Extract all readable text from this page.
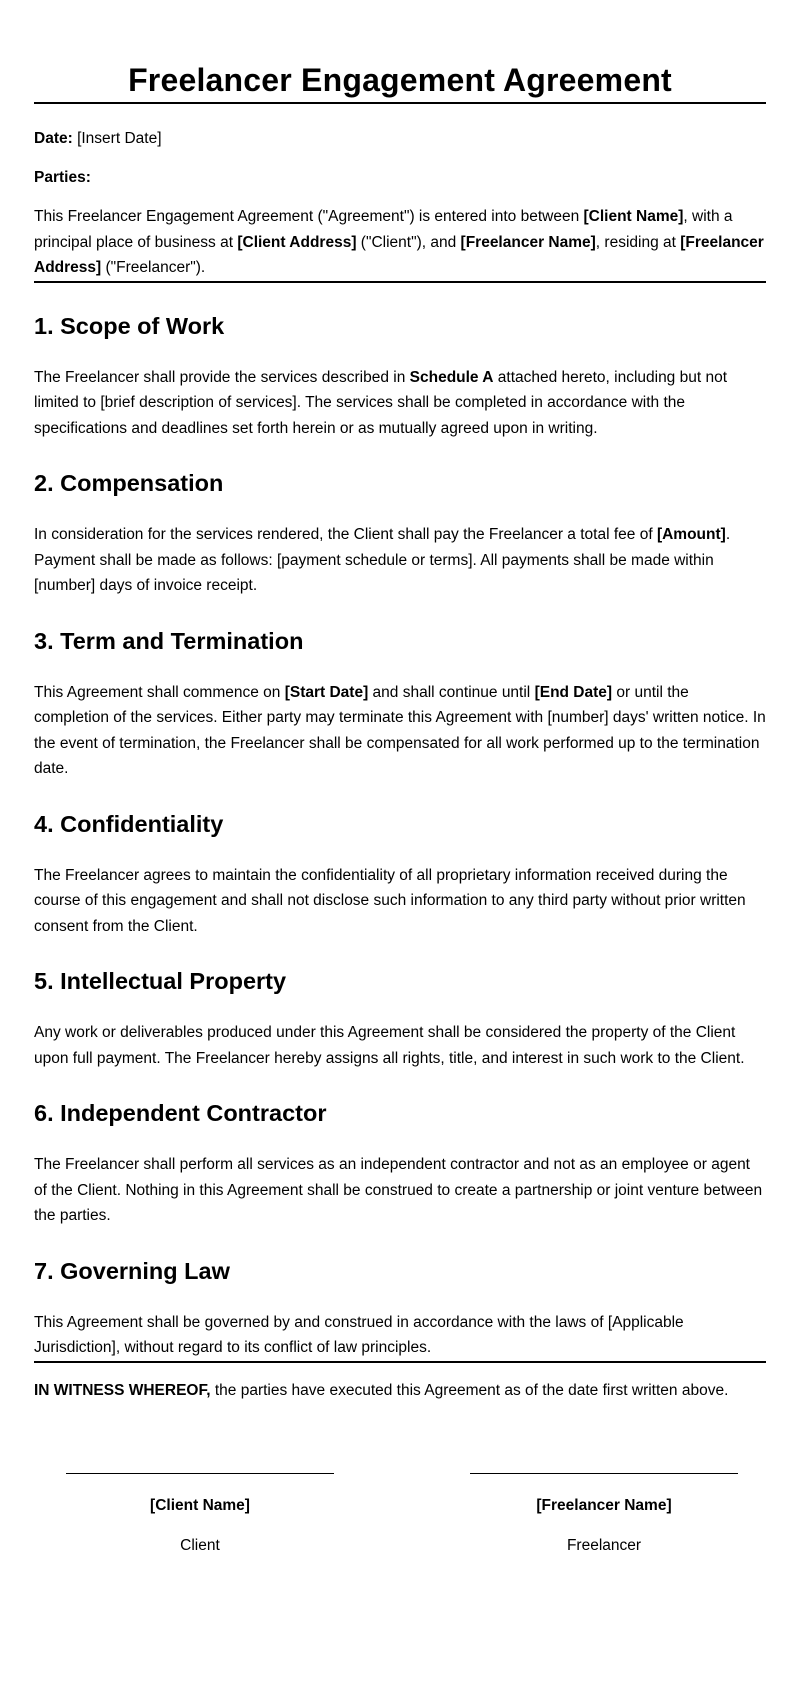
Freelancer Engagement Agreement

Date: [Insert Date]

Parties:

This Freelancer Engagement Agreement ("Agreement") is entered into between [Client Name], with a principal place of business at [Client Address] ("Client"), and [Freelancer Name], residing at [Freelancer Address] ("Freelancer").

1. Scope of Work

The Freelancer shall provide the services described in Schedule A attached hereto, including but not limited to [brief description of services]. The services shall be completed in accordance with the specifications and deadlines set forth herein or as mutually agreed upon in writing.

2. Compensation

In consideration for the services rendered, the Client shall pay the Freelancer a total fee of [Amount]. Payment shall be made as follows: [payment schedule or terms]. All payments shall be made within [number] days of invoice receipt.

3. Term and Termination

This Agreement shall commence on [Start Date] and shall continue until [End Date] or until the completion of the services. Either party may terminate this Agreement with [number] days' written notice. In the event of termination, the Freelancer shall be compensated for all work performed up to the termination date.

4. Confidentiality

The Freelancer agrees to maintain the confidentiality of all proprietary information received during the course of this engagement and shall not disclose such information to any third party without prior written consent from the Client.

5. Intellectual Property

Any work or deliverables produced under this Agreement shall be considered the property of the Client upon full payment. The Freelancer hereby assigns all rights, title, and interest in such work to the Client.

6. Independent Contractor

The Freelancer shall perform all services as an independent contractor and not as an employee or agent of the Client. Nothing in this Agreement shall be construed to create a partnership or joint venture between the parties.

7. Governing Law

This Agreement shall be governed by and construed in accordance with the laws of [Applicable Jurisdiction], without regard to its conflict of law principles.

IN WITNESS WHEREOF, the parties have executed this Agreement as of the date first written above.

[Client Name]
Client
[Freelancer Name]
Freelancer
